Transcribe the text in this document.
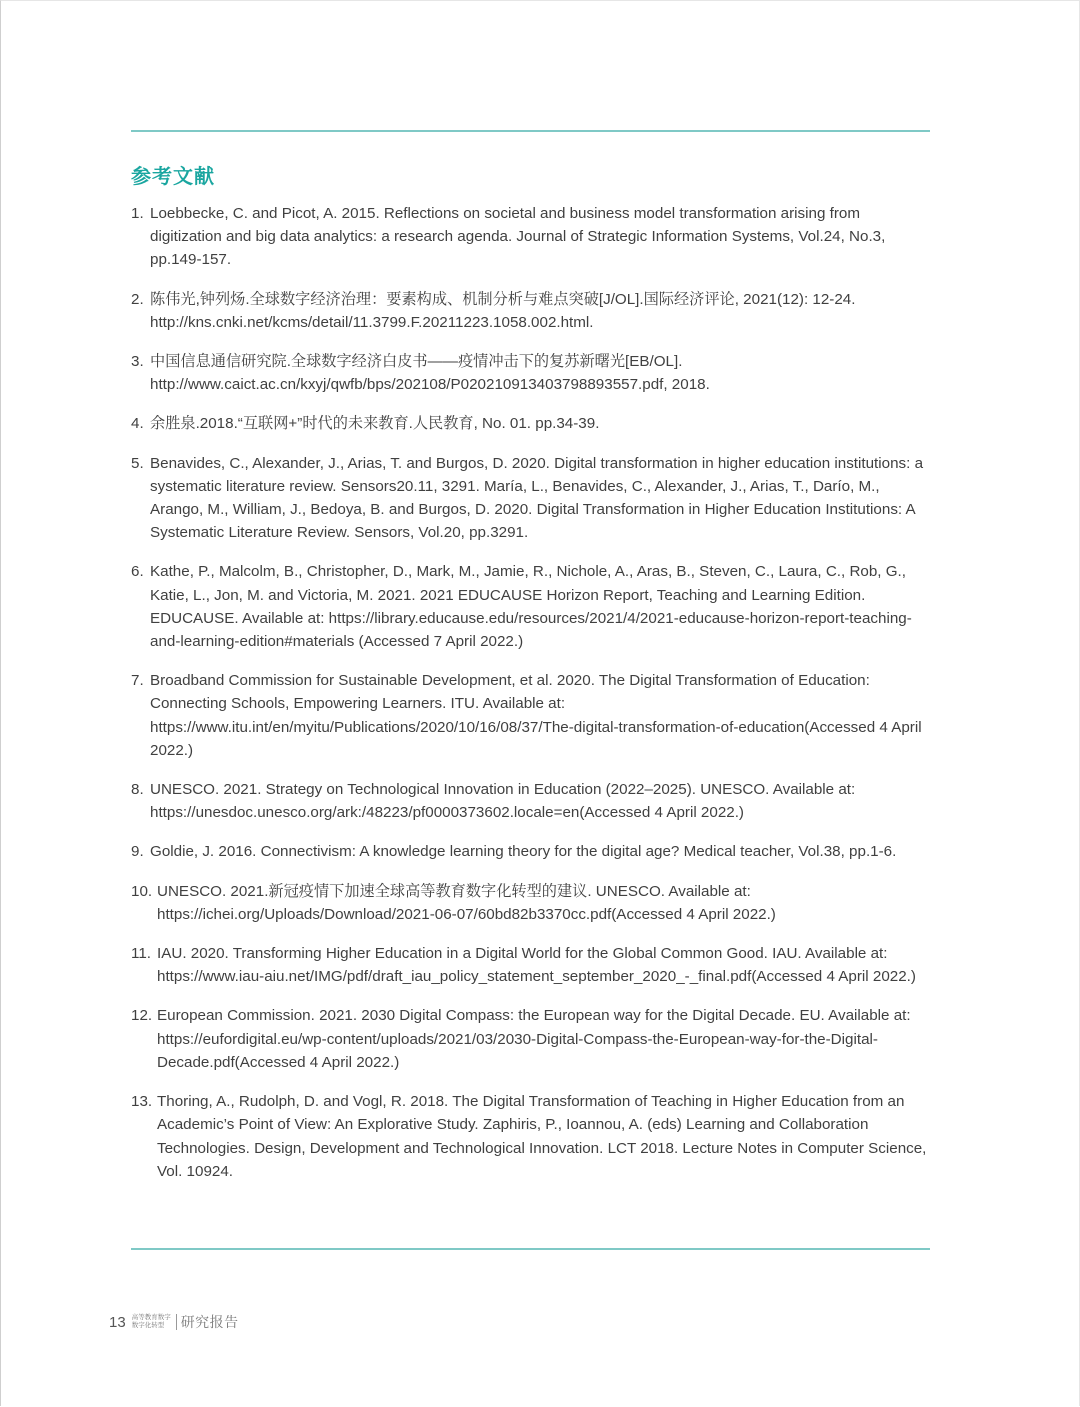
参考文献
1. Loebbecke, C. and Picot, A. 2015. Reflections on societal and business model transformation arising from digitization and big data analytics: a research agenda. Journal of Strategic Information Systems, Vol.24, No.3, pp.149-157.
2. 陈伟光,钟列炀.全球数字经济治理：要素构成、机制分析与难点突破[J/OL].国际经济评论, 2021(12): 12-24. http://kns.cnki.net/kcms/detail/11.3799.F.20211223.1058.002.html.
3. 中国信息通信研究院.全球数字经济白皮书——疫情冲击下的复苏新曙光[EB/OL]. http://www.caict.ac.cn/kxyj/qwfb/bps/202108/P020210913403798893557.pdf, 2018.
4. 余胜泉.2018.“互联网+”时代的未来教育.人民教育, No. 01. pp.34-39.
5. Benavides, C., Alexander, J., Arias, T. and Burgos, D. 2020. Digital transformation in higher education institutions: a systematic literature review. Sensors20.11, 3291. María, L., Benavides, C., Alexander, J., Arias, T., Darío, M., Arango, M., William, J., Bedoya, B. and Burgos, D. 2020. Digital Transformation in Higher Education Institutions: A Systematic Literature Review. Sensors, Vol.20, pp.3291.
6. Kathe, P., Malcolm, B., Christopher, D., Mark, M., Jamie, R., Nichole, A., Aras, B., Steven, C., Laura, C., Rob, G., Katie, L., Jon, M. and Victoria, M. 2021. 2021 EDUCAUSE Horizon Report, Teaching and Learning Edition. EDUCAUSE. Available at: https://library.educause.edu/resources/2021/4/2021-educause-horizon-report-teaching-and-learning-edition#materials (Accessed 7 April 2022.)
7. Broadband Commission for Sustainable Development, et al. 2020. The Digital Transformation of Education: Connecting Schools, Empowering Learners. ITU. Available at: https://www.itu.int/en/myitu/Publications/2020/10/16/08/37/The-digital-transformation-of-education(Accessed 4 April 2022.)
8. UNESCO. 2021. Strategy on Technological Innovation in Education (2022–2025). UNESCO. Available at: https://unesdoc.unesco.org/ark:/48223/pf0000373602.locale=en(Accessed 4 April 2022.)
9. Goldie, J. 2016. Connectivism: A knowledge learning theory for the digital age? Medical teacher, Vol.38, pp.1-6.
10. UNESCO. 2021.新冠疫情下加速全球高等教育数字化转型的建议. UNESCO. Available at: https://ichei.org/Uploads/Download/2021-06-07/60bd82b3370cc.pdf(Accessed 4 April 2022.)
11. IAU. 2020. Transforming Higher Education in a Digital World for the Global Common Good. IAU. Available at: https://www.iau-aiu.net/IMG/pdf/draft_iau_policy_statement_september_2020_-_final.pdf(Accessed 4 April 2022.)
12. European Commission. 2021. 2030 Digital Compass: the European way for the Digital Decade. EU. Available at: https://eufordigital.eu/wp-content/uploads/2021/03/2030-Digital-Compass-the-European-way-for-the-Digital-Decade.pdf(Accessed 4 April 2022.)
13. Thoring, A., Rudolph, D. and Vogl, R. 2018. The Digital Transformation of Teaching in Higher Education from an Academic’s Point of View: An Explorative Study. Zaphiris, P., Ioannou, A. (eds) Learning and Collaboration Technologies. Design, Development and Technological Innovation. LCT 2018. Lecture Notes in Computer Science, Vol. 10924.
13 高等教育数字
数字化转型	研究报告
